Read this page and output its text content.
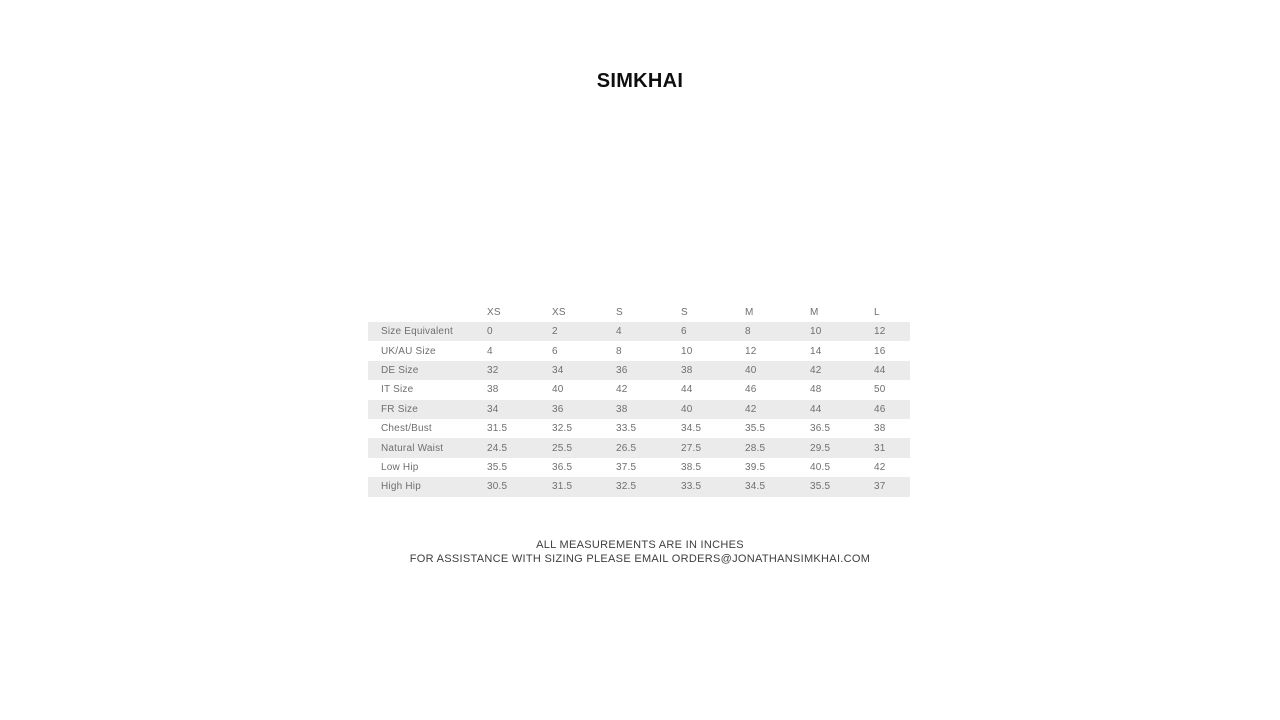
SIMKHAI
	XS	XS	S	S	M	M	L
Size Equivalent	0	2	4	6	8	10	12
UK/AU Size	4	6	8	10	12	14	16
DE Size	32	34	36	38	40	42	44
IT Size	38	40	42	44	46	48	50
FR Size	34	36	38	40	42	44	46
Chest/Bust	31.5	32.5	33.5	34.5	35.5	36.5	38
Natural Waist	24.5	25.5	26.5	27.5	28.5	29.5	31
Low Hip	35.5	36.5	37.5	38.5	39.5	40.5	42
High Hip	30.5	31.5	32.5	33.5	34.5	35.5	37
ALL MEASUREMENTS ARE IN INCHES
FOR ASSISTANCE WITH SIZING PLEASE EMAIL ORDERS@JONATHANSIMKHAI.COM
